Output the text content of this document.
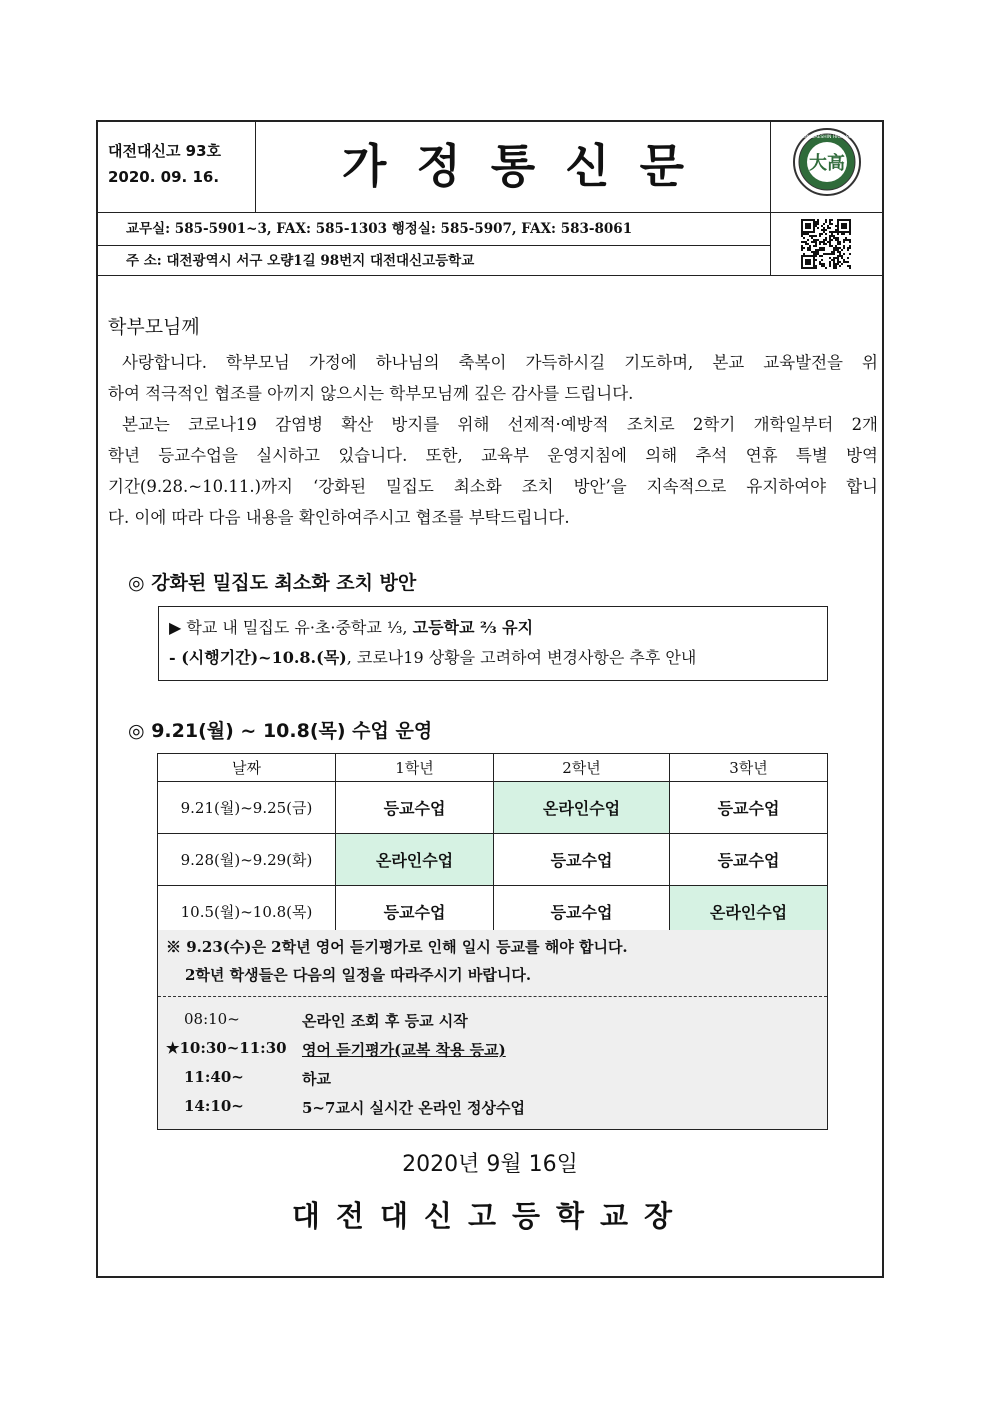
대전대신고 93호
2020. 09. 16.	가정통신문	大高
DAEJEON DAESHIN HIGH SCHOOL
교무실: 585-5901~3, FAX: 585-1303 행정실: 585-5907, FAX: 583-8061
주 소: 대전광역시 서구 오량1길 98번지 대전대신고등학교
학부모님께
사랑합니다. 학부모님 가정에 하나님의 축복이 가득하시길 기도하며, 본교 교육발전을 위
하여 적극적인 협조를 아끼지 않으시는 학부모님께 깊은 감사를 드립니다.
본교는 코로나19 감염병 확산 방지를 위해 선제적·예방적 조치로 2학기 개학일부터 2개
학년 등교수업을 실시하고 있습니다. 또한, 교육부 운영지침에 의해 추석 연휴 특별 방역
기간(9.28.~10.11.)까지 ‘강화된 밀집도 최소화 조치 방안’을 지속적으로 유지하여야 합니
다. 이에 따라 다음 내용을 확인하여주시고 협조를 부탁드립니다.
◎ 강화된 밀집도 최소화 조치 방안
▶ 학교 내 밀집도 유·초·중학교 ⅓, 고등학교 ⅔ 유지
- (시행기간)~10.8.(목), 코로나19 상황을 고려하여 변경사항은 추후 안내
◎ 9.21(월) ~ 10.8(목) 수업 운영
날짜	1학년	2학년	3학년
9.21(월)~9.25(금)	등교수업	온라인수업	등교수업
9.28(월)~9.29(화)	온라인수업	등교수업	등교수업
10.5(월)~10.8(목)	등교수업	등교수업	온라인수업
※ 9.23(수)은 2학년 영어 듣기평가로 인해 일시 등교를 해야 합니다.
2학년 학생들은 다음의 일정을 따라주시기 바랍니다.
08:10~	온라인 조회 후 등교 시작
★10:30~11:30 영어 듣기평가(교복 착용 등교)
11:40~	하교
14:10~	5~7교시 실시간 온라인 정상수업
2020년 9월 16일
대전대신고등학교장
